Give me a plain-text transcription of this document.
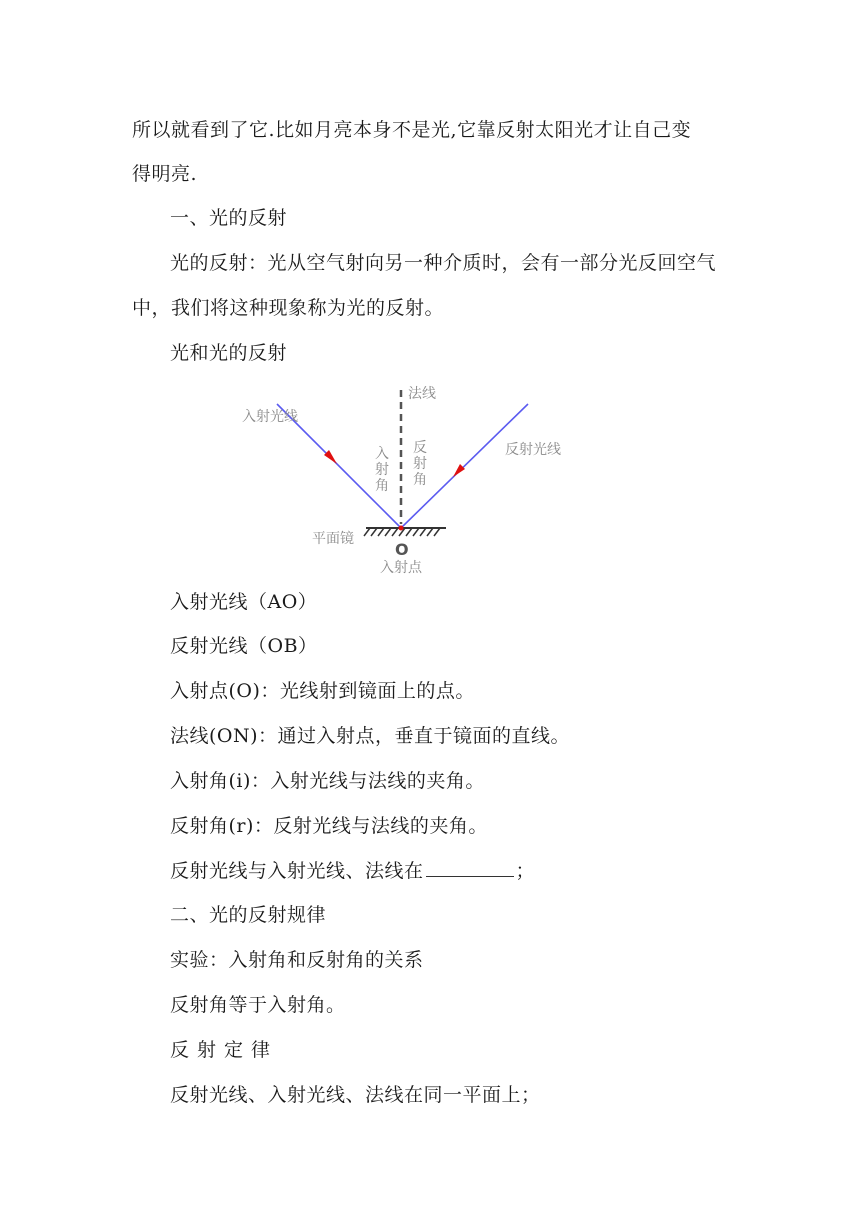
所以就看到了它.比如月亮本身不是光,它靠反射太阳光才让自己变
得明亮.
一、光的反射
光的反射：光从空气射向另一种介质时，会有一部分光反回空气
中，我们将这种现象称为光的反射。
光和光的反射
法线
入射光线
反射光线
入
射
角
反
射
角
平面镜
O
入射点
入射光线（AO）
反射光线（OB）
入射点(O)：光线射到镜面上的点。
法线(ON)：通过入射点，垂直于镜面的直线。
入射角(i)：入射光线与法线的夹角。
反射角(r)：反射光线与法线的夹角。
反射光线与入射光线、法线在	；
二、光的反射规律
实验：入射角和反射角的关系
反射角等于入射角。
反射定律
反射光线、入射光线、法线在同一平面上；
